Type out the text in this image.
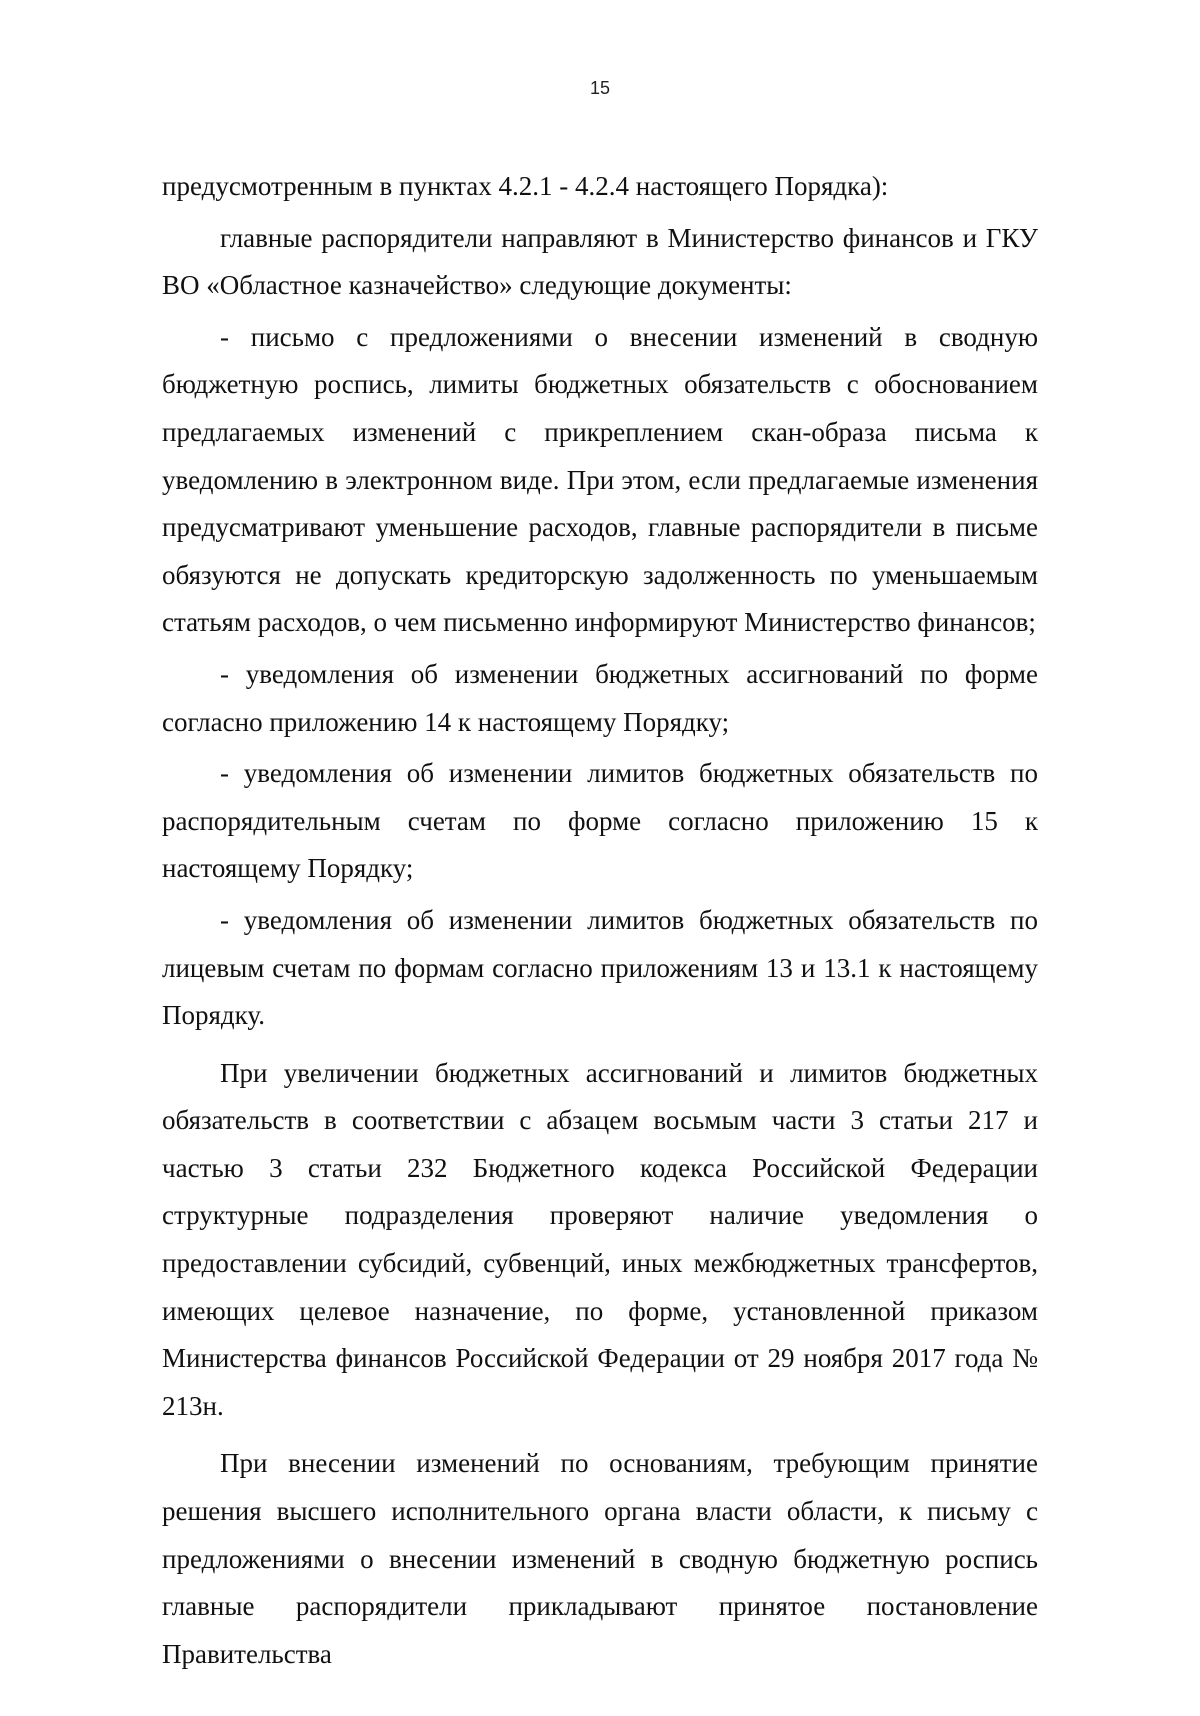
15

предусмотренным в пунктах 4.2.1 - 4.2.4 настоящего Порядка):

главные распорядители направляют в Министерство финансов и ГКУ ВО «Областное казначейство» следующие документы:

- письмо с предложениями о внесении изменений в сводную бюджетную роспись, лимиты бюджетных обязательств с обоснованием предлагаемых изменений с прикреплением скан-образа письма к уведомлению в электронном виде. При этом, если предлагаемые изменения предусматривают уменьшение расходов, главные распорядители в письме обязуются не допускать кредиторскую задолженность по уменьшаемым статьям расходов, о чем письменно информируют Министерство финансов;

- уведомления об изменении бюджетных ассигнований по форме согласно приложению 14 к настоящему Порядку;

- уведомления об изменении лимитов бюджетных обязательств по распорядительным счетам по форме согласно приложению 15 к настоящему Порядку;

- уведомления об изменении лимитов бюджетных обязательств по лицевым счетам по формам согласно приложениям 13 и 13.1 к настоящему Порядку.

При увеличении бюджетных ассигнований и лимитов бюджетных обязательств в соответствии с абзацем восьмым части 3 статьи 217 и частью 3 статьи 232 Бюджетного кодекса Российской Федерации структурные подразделения проверяют наличие уведомления о предоставлении субсидий, субвенций, иных межбюджетных трансфертов, имеющих целевое назначение, по форме, установленной приказом Министерства финансов Российской Федерации от 29 ноября 2017 года № 213н.

При внесении изменений по основаниям, требующим принятие решения высшего исполнительного органа власти области, к письму с предложениями о внесении изменений в сводную бюджетную роспись главные распорядители прикладывают принятое постановление Правительства
